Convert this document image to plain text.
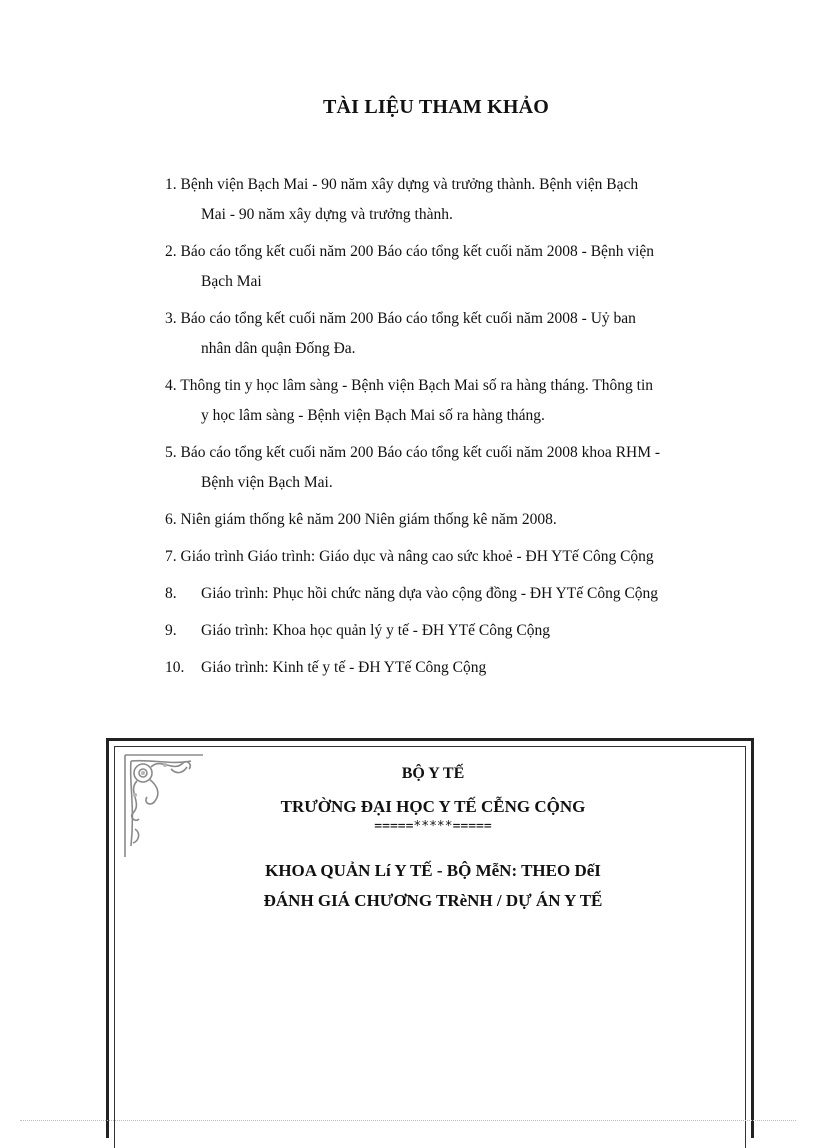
TÀI LIỆU THAM KHẢO
1. Bệnh viện Bạch Mai - 90 năm xây dựng và trưởng thành. Bệnh viện Bạch
Mai - 90 năm xây dựng và trưởng thành.
2. Báo cáo tổng kết cuối năm 200 Báo cáo tổng kết cuối năm 2008 - Bệnh viện
Bạch Mai
3. Báo cáo tổng kết cuối năm 200 Báo cáo tổng kết cuối năm 2008 - Uỷ ban
nhân dân quận Đống Đa.
4. Thông tin y học lâm sàng - Bệnh viện Bạch Mai số ra hàng tháng. Thông tin
y học lâm sàng - Bệnh viện Bạch Mai số ra hàng tháng.
5. Báo cáo tổng kết cuối năm 200 Báo cáo tổng kết cuối năm 2008 khoa RHM -
Bệnh viện Bạch Mai.
6. Niên giám thống kê năm 200 Niên giám thống kê năm 2008.
7. Giáo trình Giáo trình: Giáo dục và nâng cao sức khoẻ - ĐH YTế Công Cộng
8. Giáo trình: Phục hồi chức năng dựa vào cộng đồng - ĐH YTế Công Cộng
9. Giáo trình: Khoa học quản lý y tế - ĐH YTế Công Cộng
10. Giáo trình: Kinh tế y tế - ĐH YTế Công Cộng
BỘ Y TẾ
TRƯỜNG ĐẠI HỌC Y TẾ CỄNG CỘNG
=====*****=====
KHOA QUẢN Lí Y TẾ - BỘ MễN: THEO DếI
ĐÁNH GIÁ CHƯƠNG TRèNH / DỰ ÁN Y TẾ
